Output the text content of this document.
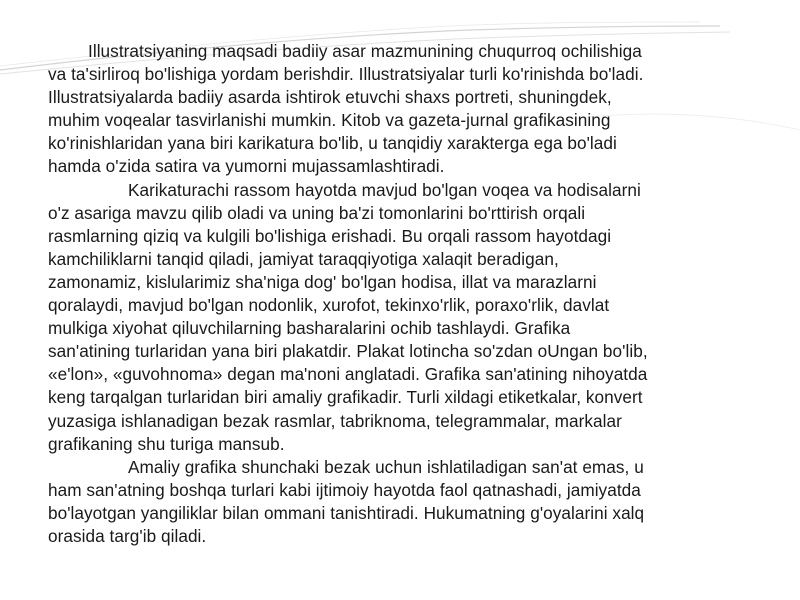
Illustratsiyaning maqsadi badiiy asar mazmunining chuqurroq ochilishiga
va ta'sirliroq bo'lishiga yordam berishdir. Illustratsiyalar turli ko'rinishda bo'ladi.
Illustratsiyalarda badiiy asarda ishtirok etuvchi shaxs portreti, shuningdek,
muhim voqealar tasvirlanishi mumkin. Kitob va gazeta-jurnal grafikasining
ko'rinishlaridan yana biri karikatura bo'lib, u tanqidiy xarakterga ega bo'ladi
hamda o'zida satira va yumorni mujassamlashtiradi.
Karikaturachi rassom hayotda mavjud bo'lgan voqea va hodisalarni
o'z asariga mavzu qilib oladi va uning ba'zi tomonlarini bo'rttirish orqali
rasmlarning qiziq va kulgili bo'lishiga erishadi. Bu orqali rassom hayotdagi
kamchiliklarni tanqid qiladi, jamiyat taraqqiyotiga xalaqit beradigan,
zamonamiz, kislularimiz sha'niga dog' bo'lgan hodisa, illat va marazlarni
qoralaydi, mavjud bo'lgan nodonlik, xurofot, tekinxo'rlik, poraxo'rlik, davlat
mulkiga xiyohat qiluvchilarning basharalarini ochib tashlaydi. Grafika
san'atining turlaridan yana biri plakatdir. Plakat lotincha so'zdan oUngan bo'lib,
«e'lon», «guvohnoma» degan ma'noni anglatadi. Grafika san'atining nihoyatda
keng tarqalgan turlaridan biri amaliy grafikadir. Turli xildagi etiketkalar, konvert
yuzasiga ishlanadigan bezak rasmlar, tabriknoma, telegrammalar, markalar
grafikaning shu turiga mansub.
Amaliy grafika shunchaki bezak uchun ishlatiladigan san'at emas, u
ham san'atning boshqa turlari kabi ijtimoiy hayotda faol qatnashadi, jamiyatda
bo'layotgan yangiliklar bilan ommani tanishtiradi. Hukumatning g'oyalarini xalq
orasida targ'ib qiladi.
